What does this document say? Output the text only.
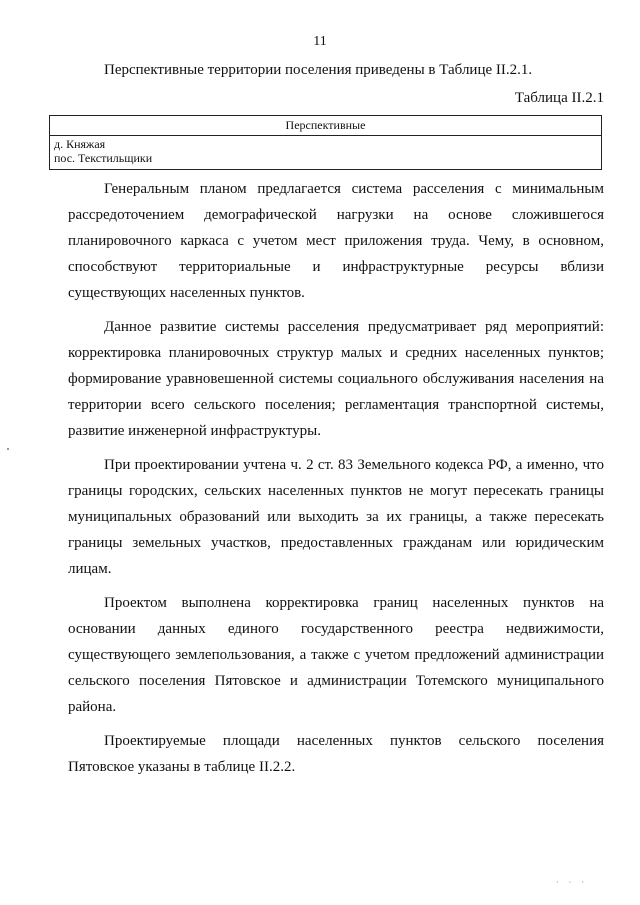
11
Перспективные территории поселения приведены в Таблице II.2.1.
Таблица II.2.1
Перспективные

д. Княжая
пос. Текстильщики

Генеральным планом предлагается система расселения с минимальным рассредоточением демографической нагрузки на основе сложившегося планировочного каркаса с учетом мест приложения труда. Чему, в основном, способствуют территориальные и инфраструктурные ресурсы вблизи существующих населенных пунктов.

Данное развитие системы расселения предусматривает ряд мероприятий: корректировка планировочных структур малых и средних населенных пунктов; формирование уравновешенной системы социального обслуживания населения на территории всего сельского поселения; регламентация транспортной системы, развитие инженерной инфраструктуры.

При проектировании учтена ч. 2 ст. 83 Земельного кодекса РФ, а именно, что границы городских, сельских населенных пунктов не могут пересекать границы муниципальных образований или выходить за их границы, а также пересекать границы земельных участков, предоставленных гражданам или юридическим лицам.

Проектом выполнена корректировка границ населенных пунктов на основании данных единого государственного реестра недвижимости, существующего землепользования, а также с учетом предложений администрации сельского поселения Пятовское и администрации Тотемского муниципального района.

Проектируемые площади населенных пунктов сельского поселения Пятовское указаны в таблице II.2.2.

· · ·
